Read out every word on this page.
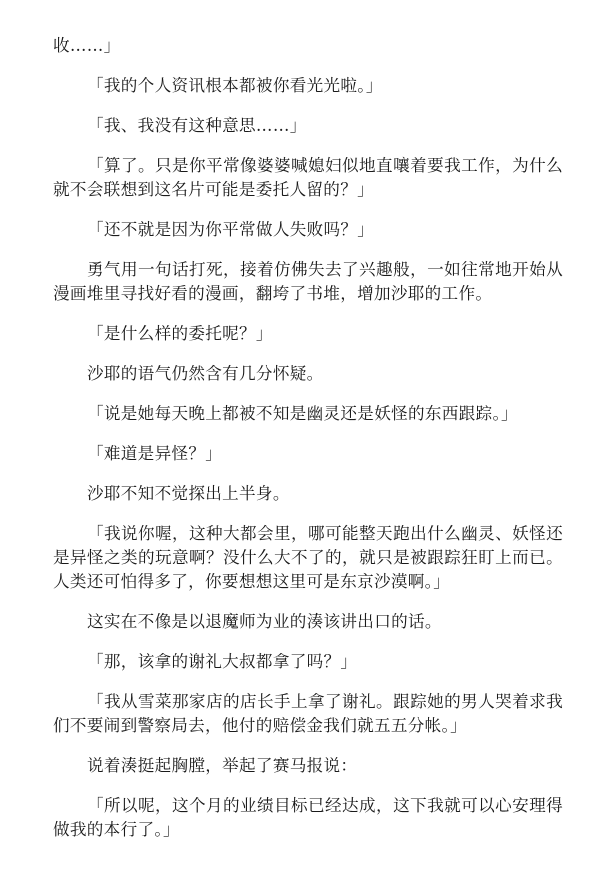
收……」

「我的个人资讯根本都被你看光光啦。」

「我、我没有这种意思……」

「算了。只是你平常像婆婆喊媳妇似地直嚷着要我工作，为什么就不会联想到这名片可能是委托人留的？」

「还不就是因为你平常做人失败吗？」

勇气用一句话打死，接着仿佛失去了兴趣般，一如往常地开始从漫画堆里寻找好看的漫画，翻垮了书堆，增加沙耶的工作。

「是什么样的委托呢？」

沙耶的语气仍然含有几分怀疑。

「说是她每天晚上都被不知是幽灵还是妖怪的东西跟踪。」

「难道是异怪？」

沙耶不知不觉探出上半身。

「我说你喔，这种大都会里，哪可能整天跑出什么幽灵、妖怪还是异怪之类的玩意啊？没什么大不了的，就只是被跟踪狂盯上而已。人类还可怕得多了，你要想想这里可是东京沙漠啊。」

这实在不像是以退魔师为业的湊该讲出口的话。

「那，该拿的谢礼大叔都拿了吗？」

「我从雪菜那家店的店长手上拿了谢礼。跟踪她的男人哭着求我们不要闹到警察局去，他付的赔偿金我们就五五分帐。」

说着湊挺起胸膛，举起了赛马报说：

「所以呢，这个月的业绩目标已经达成，这下我就可以心安理得做我的本行了。」
